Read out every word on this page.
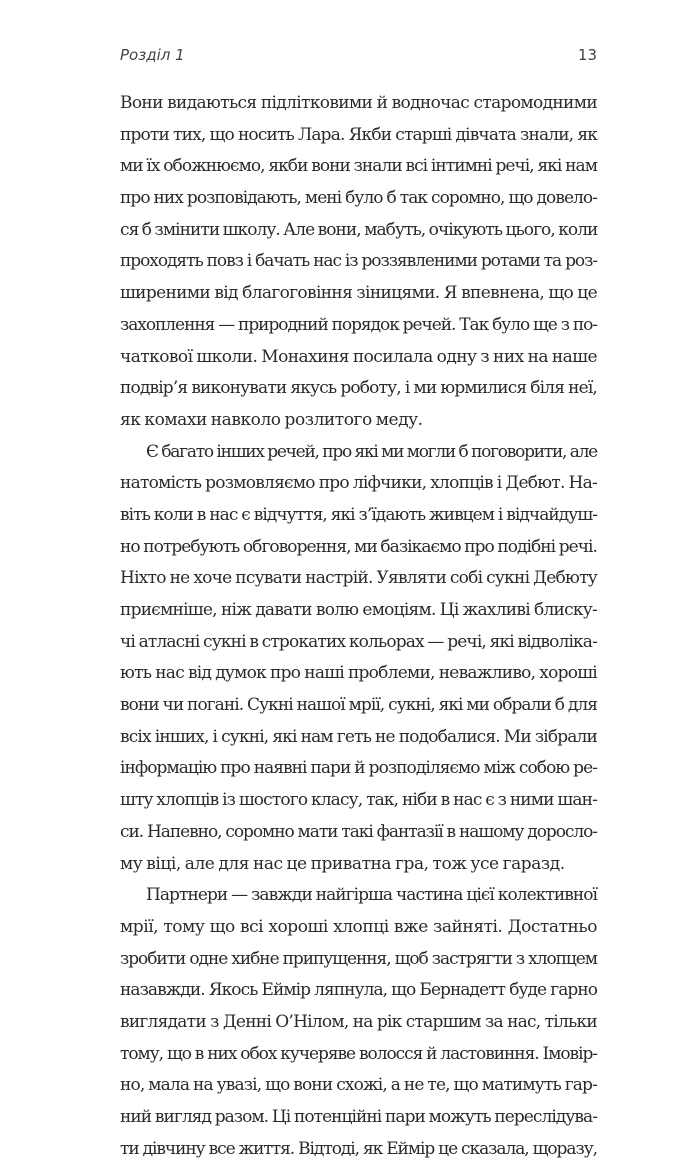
Розділ 1	13
Вони видаються підлітковими й водночас старомодними
проти тих, що носить Лара. Якби старші дівчата знали, як
ми їх обожнюємо, якби вони знали всі інтимні речі, які нам
про них розповідають, мені було б так соромно, що довело-
ся б змінити школу. Але вони, мабуть, очікують цього, коли
проходять повз і бачать нас із роззявленими ротами та роз-
ширеними від благоговіння зіницями. Я впевнена, що це
захоплення — природний порядок речей. Так було ще з по-
чаткової школи. Монахиня посилала одну з них на наше
подвір’я виконувати якусь роботу, і ми юрмилися біля неї,
як комахи навколо розлитого меду.
Є багато інших речей, про які ми могли б поговорити, але
натомість розмовляємо про ліфчики, хлопців і Дебют. На-
віть коли в нас є відчуття, які з’їдають живцем і відчайдуш-
но потребують обговорення, ми базікаємо про подібні речі.
Ніхто не хоче псувати настрій. Уявляти собі сукні Дебюту
приємніше, ніж давати волю емоціям. Ці жахливі блиску-
чі атласні сукні в строкатих кольорах — речі, які відволіка-
ють нас від думок про наші проблеми, неважливо, хороші
вони чи погані. Сукні нашої мрії, сукні, які ми обрали б для
всіх інших, і сукні, які нам геть не подобалися. Ми зібрали
інформацію про наявні пари й розподіляємо між собою ре-
шту хлопців із шостого класу, так, ніби в нас є з ними шан-
си. Напевно, соромно мати такі фантазії в нашому доросло-
му віці, але для нас це приватна гра, тож усе гаразд.
Партнери — завжди найгірша частина цієї колективної
мрії, тому що всі хороші хлопці вже зайняті. Достатньо
зробити одне хибне припущення, щоб застрягти з хлопцем
назавжди. Якось Еймір ляпнула, що Бернадетт буде гарно
виглядати з Денні О’Нілом, на рік старшим за нас, тільки
тому, що в них обох кучеряве волосся й ластовиння. Імовір-
но, мала на увазі, що вони схожі, а не те, що матимуть гар-
ний вигляд разом. Ці потенційні пари можуть переслідува-
ти дівчину все життя. Відтоді, як Еймір це сказала, щоразу,
